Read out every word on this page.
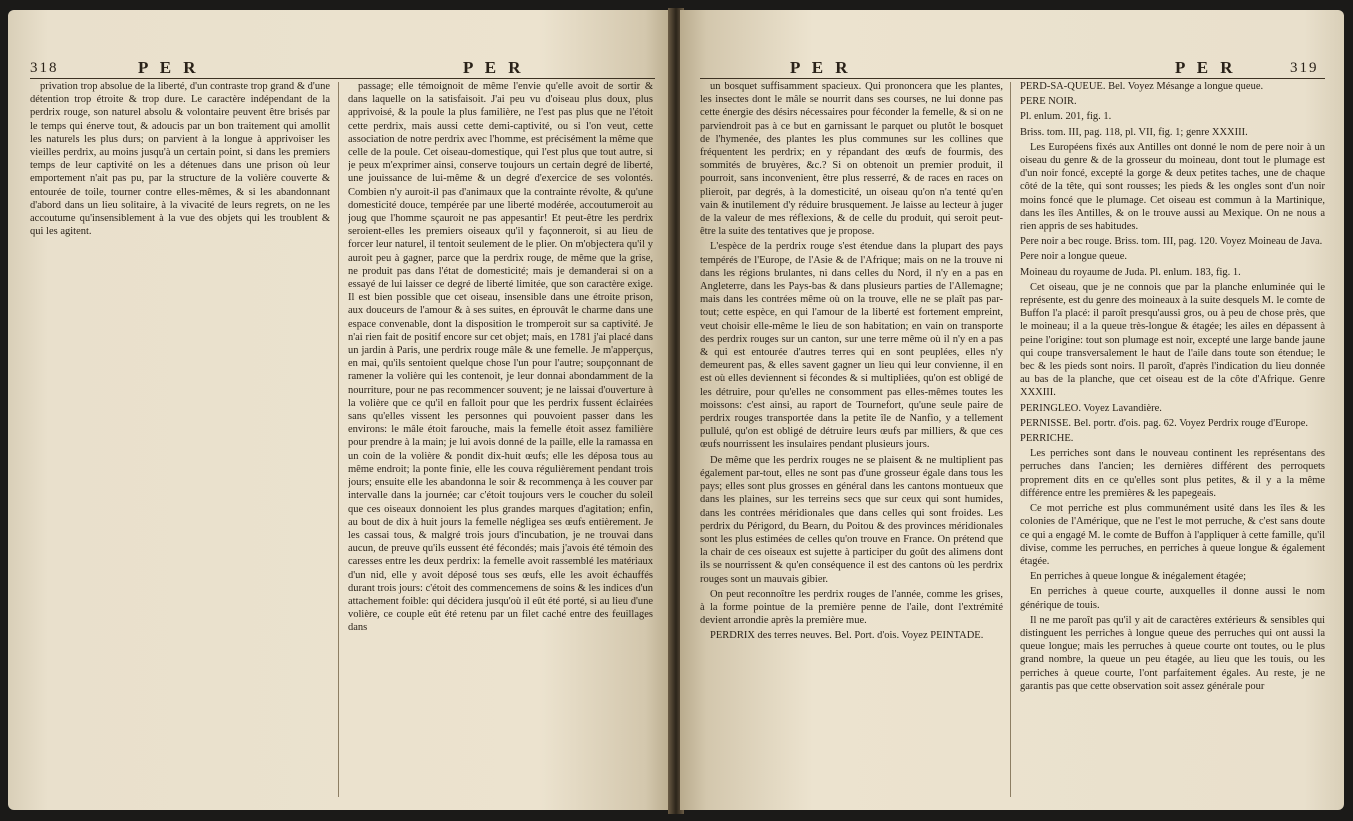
318	P E R	P E R

privation trop absolue de la liberté, d'un contraste trop grand & d'une détention trop étroite & trop dure. Le caractère indépendant de la perdrix rouge, son naturel absolu & volontaire peuvent être brisés par le temps qui énerve tout, & adoucis par un bon traitement qui amollit les naturels les plus durs; on parvient à la longue à apprivoiser les vieilles perdrix, au moins jusqu'à un certain point, si dans les premiers temps de leur captivité on les a détenues dans une prison où leur emportement n'ait pas pu, par la structure de la volière couverte & entourée de toile, tourner contre elles-mêmes, & si les abandonnant d'abord dans un lieu solitaire, à la vivacité de leurs regrets, on ne les accoutume qu'insensiblement à la vue des objets qui les troublent & qui les agitent.

passage; elle témoignoit de même l'envie qu'elle avoit de sortir & dans laquelle on la satisfaisoit. J'ai peu vu d'oiseau plus doux, plus apprivoisé, & la poule la plus familière, ne l'est pas plus que ne l'étoit cette perdrix, mais aussi cette demi-captivité, ou si l'on veut, cette association de notre perdrix avec l'homme, est précisément la même que celle de la poule. Cet oiseau-domestique, qui l'est plus que tout autre, si je peux m'exprimer ainsi, conserve toujours un certain degré de liberté, une jouissance de lui-même & un degré d'exercice de ses volontés. Combien n'y auroit-il pas d'animaux que la contrainte révolte, & qu'une domesticité douce, tempérée par une liberté modérée, accoutumeroit au joug que l'homme sçauroit ne pas appesantir! Et peut-être les perdrix seroient-elles les premiers oiseaux qu'il y façonneroit, si au lieu de forcer leur naturel, il tentoit seulement de le plier. On m'objectera qu'il y auroit peu à gagner, parce que la perdrix rouge, de même que la grise, ne produit pas dans l'état de domesticité; mais je demanderai si on a essayé de lui laisser ce degré de liberté limitée, que son caractère exige. Il est bien possible que cet oiseau, insensible dans une étroite prison, aux douceurs de l'amour & à ses suites, en éprouvât le charme dans une espace convenable, dont la disposition le tromperoit sur sa captivité. Je n'ai rien fait de positif encore sur cet objet; mais, en 1781 j'ai placé dans un jardin à Paris, une perdrix rouge mâle & une femelle. Je m'apperçus, en mai, qu'ils sentoient quelque chose l'un pour l'autre; soupçonnant de ramener la volière qui les contenoit, je leur donnai abondamment de la nourriture, pour ne pas recommencer souvent; je ne laissai d'ouverture à la volière que ce qu'il en falloit pour que les perdrix fussent éclairées sans qu'elles vissent les personnes qui pouvoient passer dans les environs: le mâle étoit farouche, mais la femelle étoit assez familière pour prendre à la main; je lui avois donné de la paille, elle la ramassa en un coin de la volière & pondit dix-huit œufs; elle les déposa tous au même endroit; la ponte finie, elle les couva régulièrement pendant trois jours; ensuite elle les abandonna le soir & recommença à les couver par intervalle dans la journée; car c'étoit toujours vers le coucher du soleil que ces oiseaux donnoient les plus grandes marques d'agitation; enfin, au bout de dix à huit jours la femelle négligea ses œufs entièrement. Je les cassai tous, & malgré trois jours d'incubation, je ne trouvai dans aucun, de preuve qu'ils eussent été fécondés; mais j'avois été témoin des caresses entre les deux perdrix: la femelle avoit rassemblé les matériaux d'un nid, elle y avoit déposé tous ses œufs, elle les avoit échauffés durant trois jours: c'étoit des commencemens de soins & les indices d'un attachement foible: qui décidera jusqu'où il eût été porté, si au lieu d'une volière, ce couple eût été retenu par un filet caché entre des feuillages dans

P E R	P E R	319

un bosquet suffisamment spacieux. Qui prononcera que les plantes, les insectes dont le mâle se nourrit dans ses courses, ne lui donne pas cette énergie des désirs nécessaires pour féconder la femelle, & si on ne parviendroit pas à ce but en garnissant le parquet ou plutôt le bosquet de l'hymenée, des plantes les plus communes sur les collines que fréquentent les perdrix; en y répandant des œufs de fourmis, des sommités de bruyères, &c.? Si on obtenoit un premier produit, il pourroit, sans inconvenient, être plus resserré, & de races en races on plieroit, par degrés, à la domesticité, un oiseau qu'on n'a tenté qu'en vain & inutilement d'y réduire brusquement. Je laisse au lecteur à juger de la valeur de mes réflexions, & de celle du produit, qui seroit peut-être la suite des tentatives que je propose.

L'espèce de la perdrix rouge s'est étendue dans la plupart des pays tempérés de l'Europe, de l'Asie & de l'Afrique; mais on ne la trouve ni dans les régions brulantes, ni dans celles du Nord, il n'y en a pas en Angleterre, dans les Pays-bas & dans plusieurs parties de l'Allemagne; mais dans les contrées même où on la trouve, elle ne se plaît pas par-tout; cette espèce, en qui l'amour de la liberté est fortement empreint, veut choisir elle-même le lieu de son habitation; en vain on transporte des perdrix rouges sur un canton, sur une terre même où il n'y en a pas & qui est entourée d'autres terres qui en sont peuplées, elles n'y demeurent pas, & elles savent gagner un lieu qui leur convienne, il en est où elles deviennent si fécondes & si multipliées, qu'on est obligé de les détruire, pour qu'elles ne consomment pas elles-mêmes toutes les moissons: c'est ainsi, au raport de Tournefort, qu'une seule paire de perdrix rouges transportée dans la petite île de Nanfio, y a tellement pullulé, qu'on est obligé de détruire leurs œufs par milliers, & que ces œufs nourrissent les insulaires pendant plusieurs jours.

De même que les perdrix rouges ne se plaisent & ne multiplient pas également par-tout, elles ne sont pas d'une grosseur égale dans tous les pays; elles sont plus grosses en général dans les cantons montueux que dans les plaines, sur les terreins secs que sur ceux qui sont humides, dans les contrées méridionales que dans celles qui sont froides. Les perdrix du Périgord, du Bearn, du Poitou & des provinces méridionales sont les plus estimées de celles qu'on trouve en France. On prétend que la chair de ces oiseaux est sujette à participer du goût des alimens dont ils se nourrissent & qu'en conséquence il est des cantons où les perdrix rouges sont un mauvais gibier.

On peut reconnoître les perdrix rouges de l'année, comme les grises, à la forme pointue de la première penne de l'aile, dont l'extrémité devient arrondie après la première mue.

PERDRIX des terres neuves. Bel. Port. d'ois. Voyez PEINTADE.

PERD-SA-QUEUE. Bel. Voyez Mésange a longue queue.

PERE NOIR.

Pl. enlum. 201, fig. 1.

Briss. tom. III, pag. 118, pl. VII, fig. 1; genre XXXIII.

Les Européens fixés aux Antilles ont donné le nom de pere noir à un oiseau du genre & de la grosseur du moineau, dont tout le plumage est d'un noir foncé, excepté la gorge & deux petites taches, une de chaque côté de la tête, qui sont rousses; les pieds & les ongles sont d'un noir moins foncé que le plumage. Cet oiseau est commun à la Martinique, dans les îles Antilles, & on le trouve aussi au Mexique. On ne nous a rien appris de ses habitudes.

Pere noir a bec rouge. Briss. tom. III, pag. 120. Voyez Moineau de Java.

Pere noir a longue queue.

Moineau du royaume de Juda. Pl. enlum. 183, fig. 1.

Cet oiseau, que je ne connois que par la planche enluminée qui le représente, est du genre des moineaux à la suite desquels M. le comte de Buffon l'a placé: il paroît presqu'aussi gros, ou à peu de chose près, que le moineau; il a la queue très-longue & étagée; les ailes en dépassent à peine l'origine: tout son plumage est noir, excepté une large bande jaune qui coupe transversalement le haut de l'aile dans toute son étendue; le bec & les pieds sont noirs. Il paroît, d'après l'indication du lieu donnée au bas de la planche, que cet oiseau est de la côte d'Afrique. Genre XXXIII.

PERINGLEO. Voyez Lavandière.

PERNISSE. Bel. portr. d'ois. pag. 62. Voyez Perdrix rouge d'Europe.

PERRICHE.

Les perriches sont dans le nouveau continent les représentans des perruches dans l'ancien; les dernières différent des perroquets proprement dits en ce qu'elles sont plus petites, & il y a la même différence entre les premières & les papegeais.

Ce mot perriche est plus communément usité dans les îles & les colonies de l'Amérique, que ne l'est le mot perruche, & c'est sans doute ce qui a engagé M. le comte de Buffon à l'appliquer à cette famille, qu'il divise, comme les perruches, en perriches à queue longue & également étagée.

En perriches à queue longue & inégalement étagée;

En perriches à queue courte, auxquelles il donne aussi le nom générique de touis.

Il ne me paroît pas qu'il y ait de caractères extérieurs & sensibles qui distinguent les perriches à longue queue des perruches qui ont aussi la queue longue; mais les perruches à queue courte ont toutes, ou le plus grand nombre, la queue un peu étagée, au lieu que les touis, ou les perriches à queue courte, l'ont parfaitement égales. Au reste, je ne garantis pas que cette observation soit assez générale pour
